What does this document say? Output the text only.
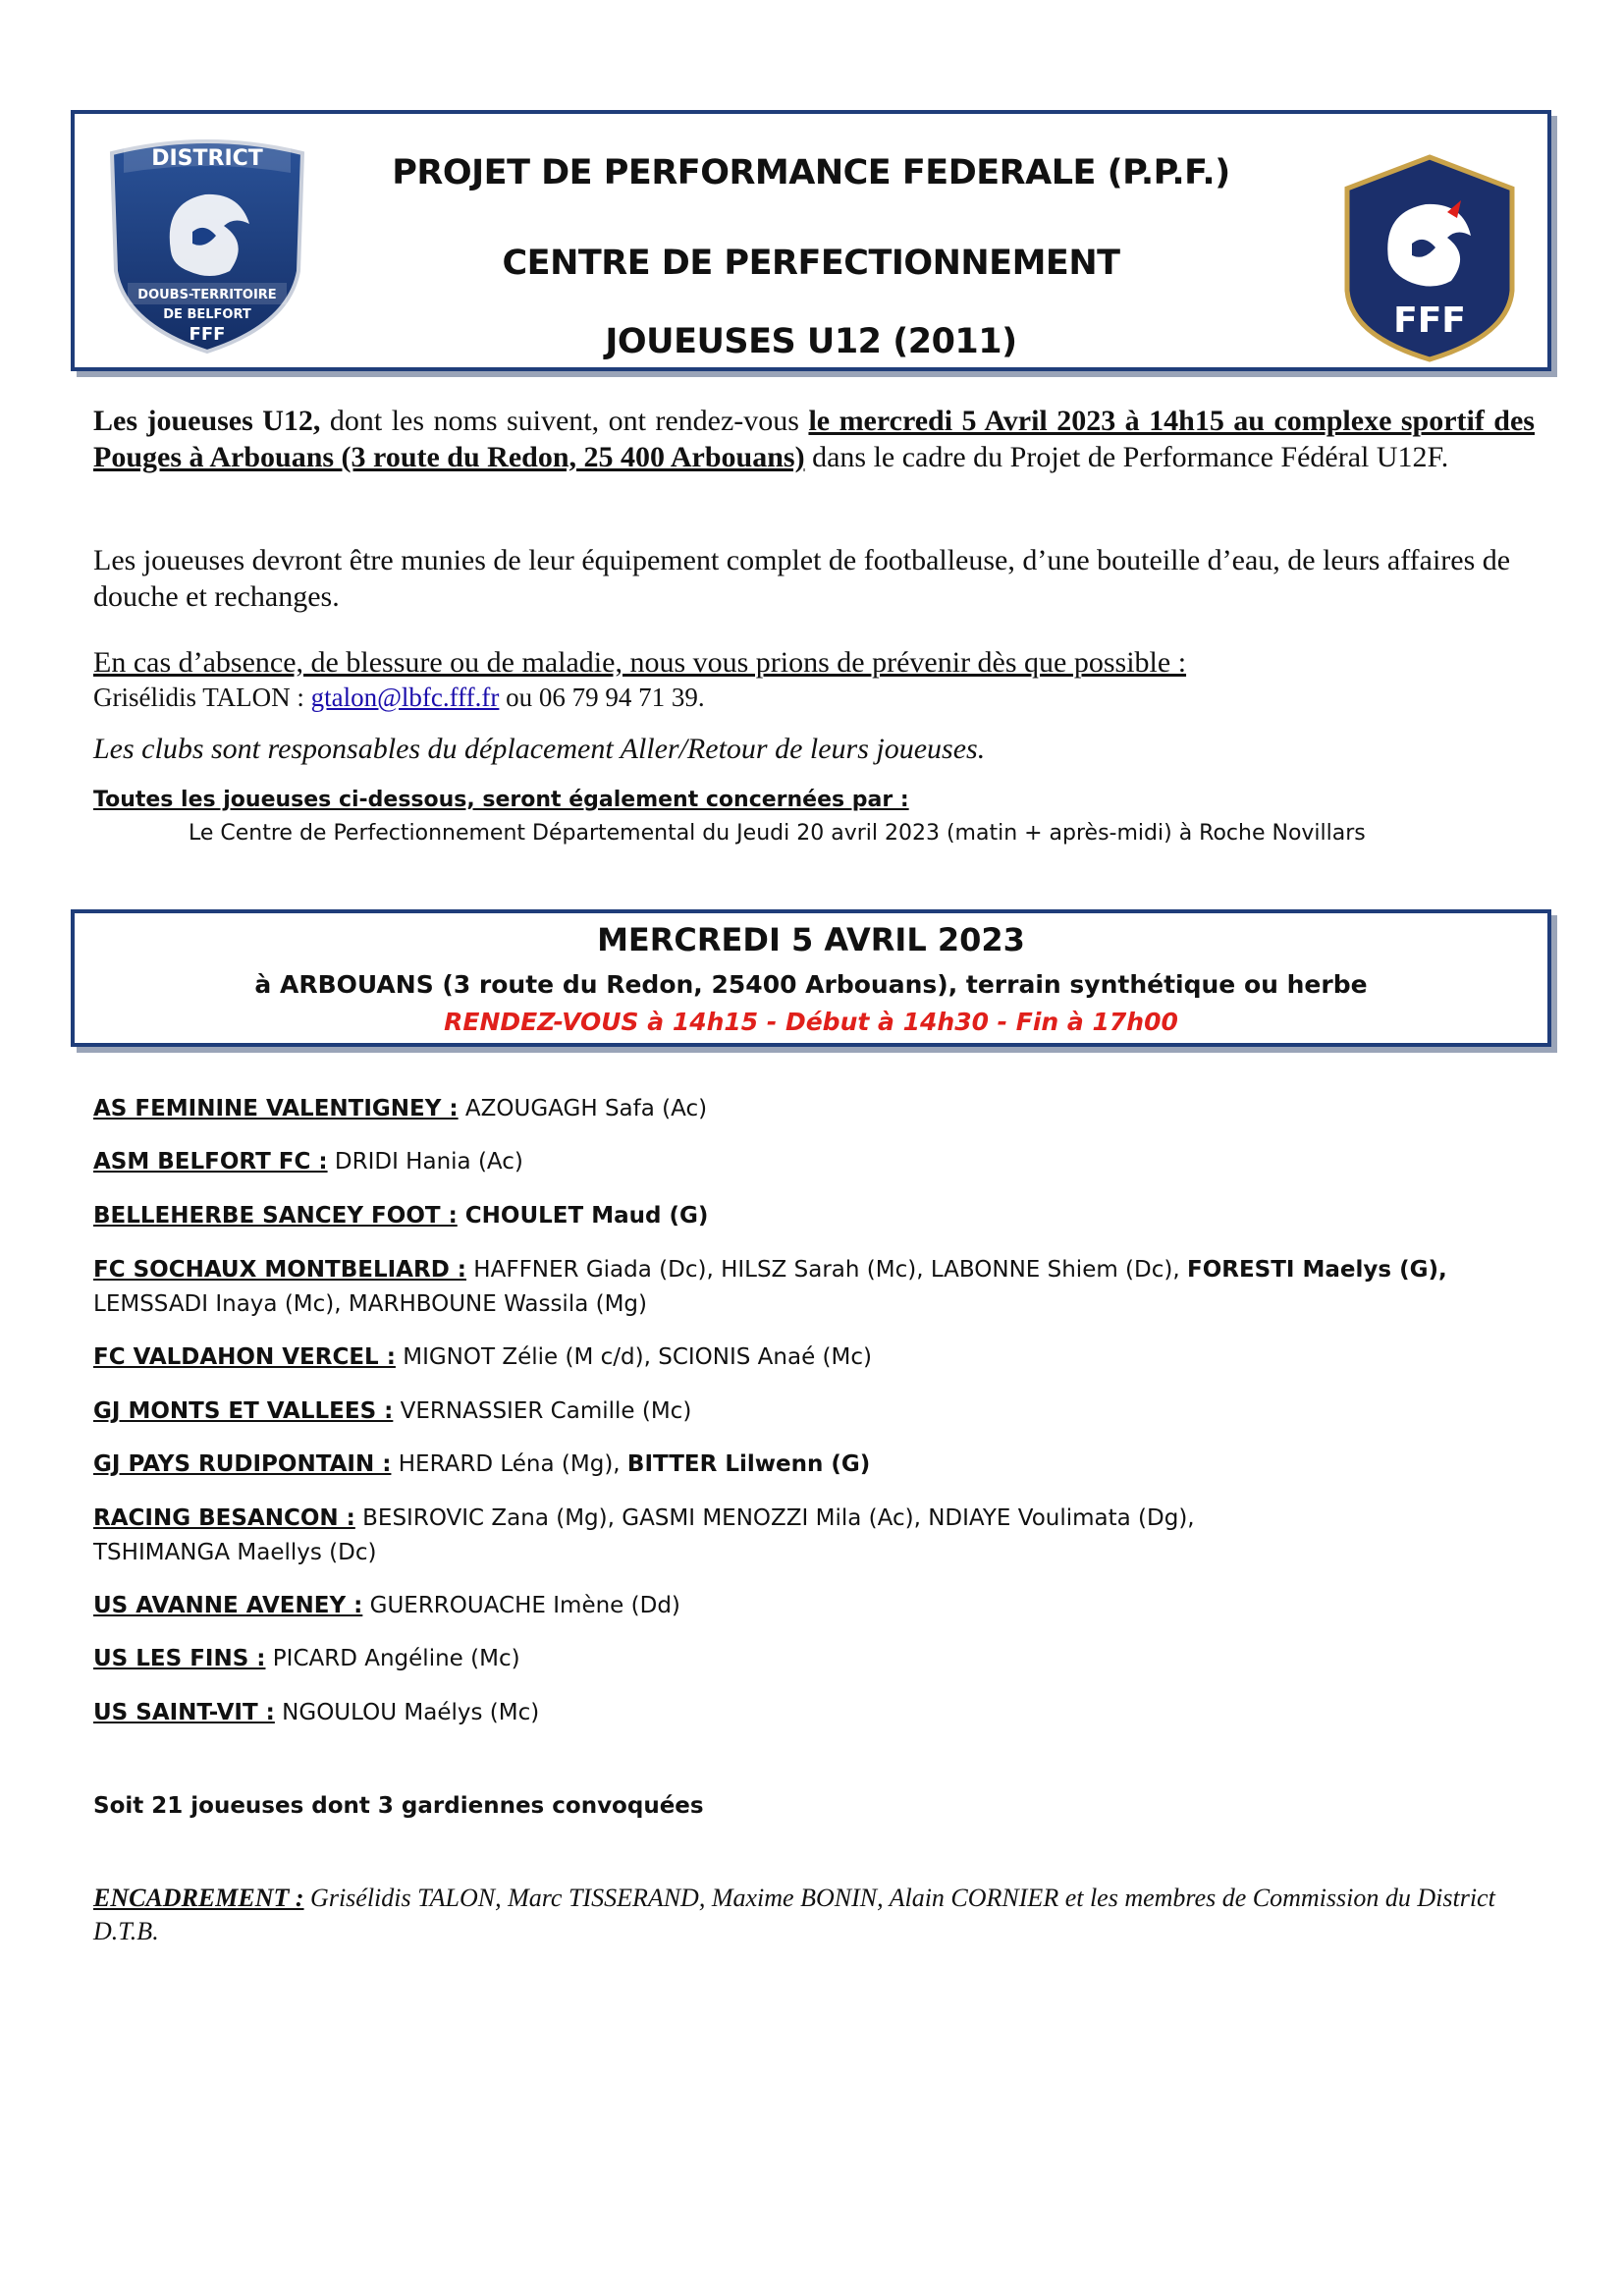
DISTRICT
DOUBS-TERRITOIRE
DE BELFORT
FFF
PROJET DE PERFORMANCE FEDERALE (P.P.F.)
CENTRE DE PERFECTIONNEMENT
JOUEUSES U12 (2011)
FFF
Les joueuses U12, dont les noms suivent, ont rendez-vous le mercredi 5 Avril 2023 à 14h15 au complexe sportif des Pouges à Arbouans (3 route du Redon, 25 400 Arbouans) dans le cadre du Projet de Performance Fédéral U12F.
Les joueuses devront être munies de leur équipement complet de footballeuse, d’une bouteille d’eau, de leurs affaires de douche et rechanges.
En cas d’absence, de blessure ou de maladie, nous vous prions de prévenir dès que possible :
Grisélidis TALON : gtalon@lbfc.fff.fr ou 06 79 94 71 39.
Les clubs sont responsables du déplacement Aller/Retour de leurs joueuses.
Toutes les joueuses ci-dessous, seront également concernées par :
Le Centre de Perfectionnement Départemental du Jeudi 20 avril 2023 (matin + après-midi) à Roche Novillars
MERCREDI 5 AVRIL 2023
à ARBOUANS (3 route du Redon, 25400 Arbouans), terrain synthétique ou herbe
RENDEZ-VOUS à 14h15 - Début à 14h30 - Fin à 17h00
AS FEMININE VALENTIGNEY : AZOUGAGH Safa (Ac)
ASM BELFORT FC : DRIDI Hania (Ac)
BELLEHERBE SANCEY FOOT : CHOULET Maud (G)
FC SOCHAUX MONTBELIARD : HAFFNER Giada (Dc), HILSZ Sarah (Mc), LABONNE Shiem (Dc), FORESTI Maelys (G),
LEMSSADI Inaya (Mc), MARHBOUNE Wassila (Mg)
FC VALDAHON VERCEL : MIGNOT Zélie (M c/d), SCIONIS Anaé (Mc)
GJ MONTS ET VALLEES : VERNASSIER Camille (Mc)
GJ PAYS RUDIPONTAIN : HERARD Léna (Mg), BITTER Lilwenn (G)
RACING BESANCON : BESIROVIC Zana (Mg), GASMI MENOZZI Mila (Ac), NDIAYE Voulimata (Dg),
TSHIMANGA Maellys (Dc)
US AVANNE AVENEY : GUERROUACHE Imène (Dd)
US LES FINS : PICARD Angéline (Mc)
US SAINT-VIT : NGOULOU Maélys (Mc)
Soit 21 joueuses dont 3 gardiennes convoquées
ENCADREMENT : Grisélidis TALON, Marc TISSERAND, Maxime BONIN, Alain CORNIER et les membres de Commission du District D.T.B.
